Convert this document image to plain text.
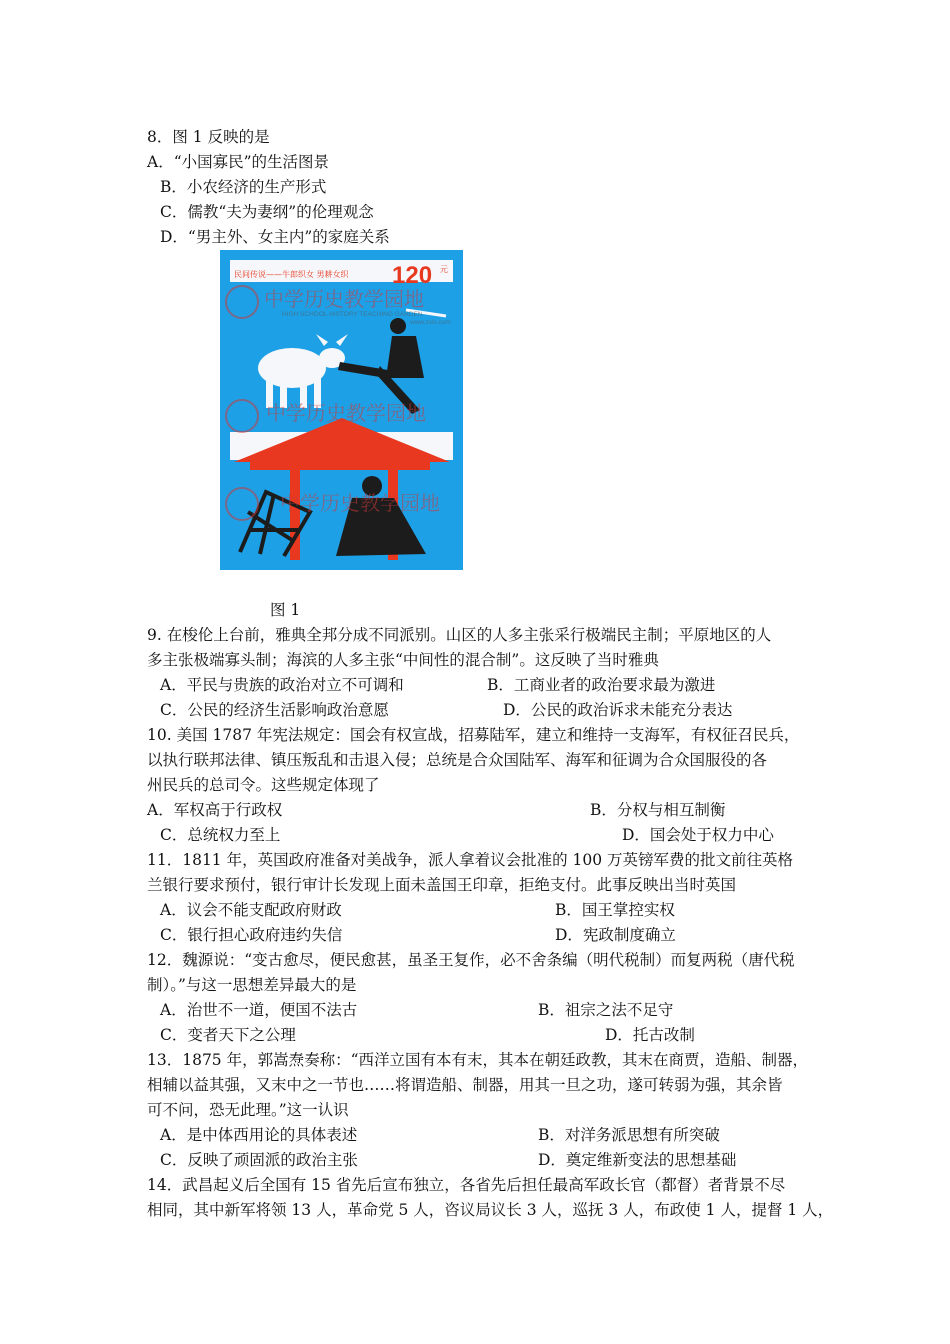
8．图 1 反映的是
A．“小国寡民”的生活图景
B．小农经济的生产形式
C．儒教“夫为妻纲”的伦理观念
D．“男主外、女主内”的家庭关系
民间传说——牛郎织女 男耕女织 120 元
中学历史教学园地
HIGH SCHOOL HISTORY TEACHING GARDEN
www.zxls.com
中学历史教学园地
中学历史教学园地
图 1
9. 在梭伦上台前，雅典全邦分成不同派别。山区的人多主张采行极端民主制；平原地区的人
多主张极端寡头制；海滨的人多主张“中间性的混合制”。这反映了当时雅典
A．平民与贵族的政治对立不可调和	B．工商业者的政治要求最为激进
C．公民的经济生活影响政治意愿	D．公民的政治诉求未能充分表达
10. 美国 1787 年宪法规定：国会有权宣战，招募陆军，建立和维持一支海军，有权征召民兵，
以执行联邦法律、镇压叛乱和击退入侵；总统是合众国陆军、海军和征调为合众国服役的各
州民兵的总司令。这些规定体现了
A．军权高于行政权	B．分权与相互制衡
C．总统权力至上	D．国会处于权力中心
11．1811 年，英国政府准备对美战争，派人拿着议会批准的 100 万英镑军费的批文前往英格
兰银行要求预付，银行审计长发现上面未盖国王印章，拒绝支付。此事反映出当时英国
A．议会不能支配政府财政	B．国王掌控实权
C．银行担心政府违约失信	D．宪政制度确立
12．魏源说：“变古愈尽，便民愈甚，虽圣王复作，必不舍条编（明代税制）而复两税（唐代税
制）。”与这一思想差异最大的是
A．治世不一道，便国不法古	B．祖宗之法不足守
C．变者天下之公理	D．托古改制
13．1875 年，郭嵩焘奏称：“西洋立国有本有末，其本在朝廷政教，其末在商贾，造船、制器，
相辅以益其强，又末中之一节也……将谓造船、制器，用其一旦之功，遂可转弱为强，其余皆
可不问，恐无此理。”这一认识
A．是中体西用论的具体表述	B．对洋务派思想有所突破
C．反映了顽固派的政治主张	D．奠定维新变法的思想基础
14．武昌起义后全国有 15 省先后宣布独立，各省先后担任最高军政长官（都督）者背景不尽
相同，其中新军将领 13 人，革命党 5 人，咨议局议长 3 人，巡抚 3 人，布政使 1 人，提督 1 人，
